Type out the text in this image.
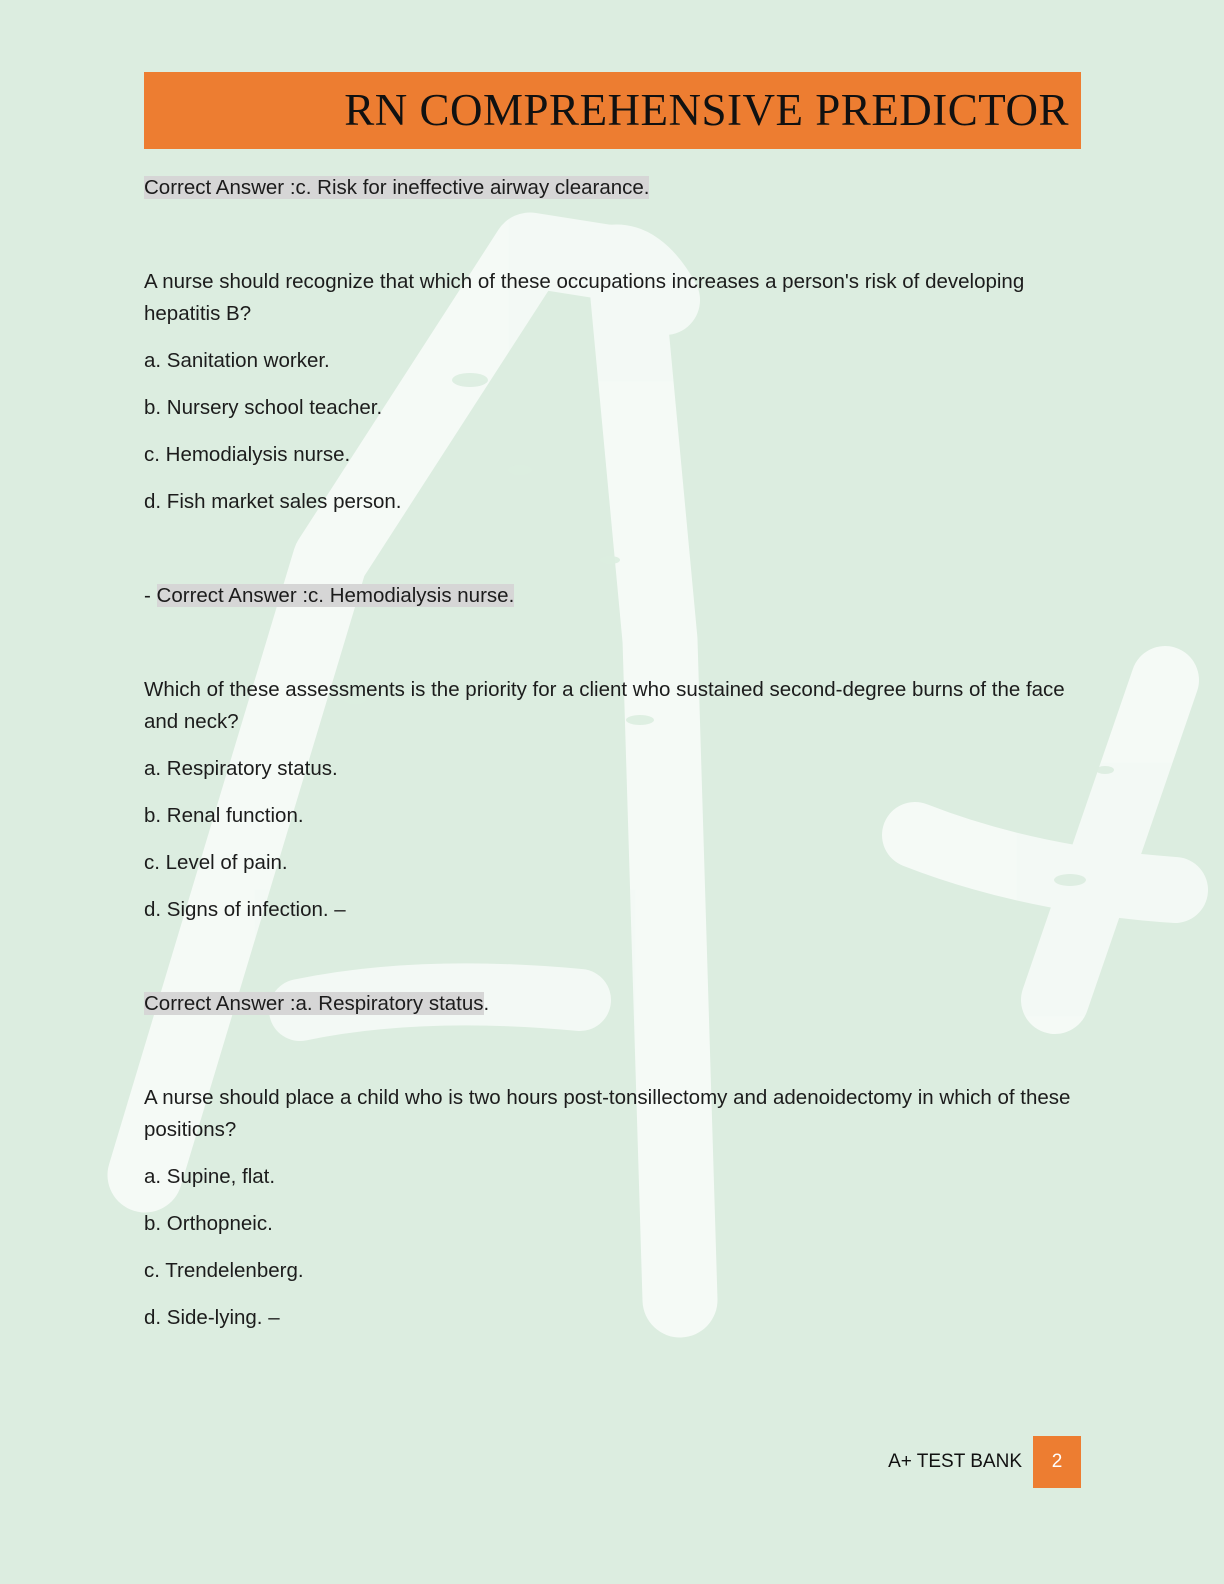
RN COMPREHENSIVE PREDICTOR

Correct Answer :c. Risk for ineffective airway clearance.

A nurse should recognize that which of these occupations increases a person's risk of developing hepatitis B?

a. Sanitation worker.
b. Nursery school teacher.
c. Hemodialysis nurse.
d. Fish market sales person.

- Correct Answer :c. Hemodialysis nurse.

Which of these assessments is the priority for a client who sustained second-degree burns of the face and neck?

a. Respiratory status.
b. Renal function.
c. Level of pain.
d. Signs of infection. –

Correct Answer :a. Respiratory status.

A nurse should place a child who is two hours post-tonsillectomy and adenoidectomy in which of these positions?

a. Supine, flat.
b. Orthopneic.
c. Trendelenberg.
d. Side-lying. –
A+ TEST BANK	2
